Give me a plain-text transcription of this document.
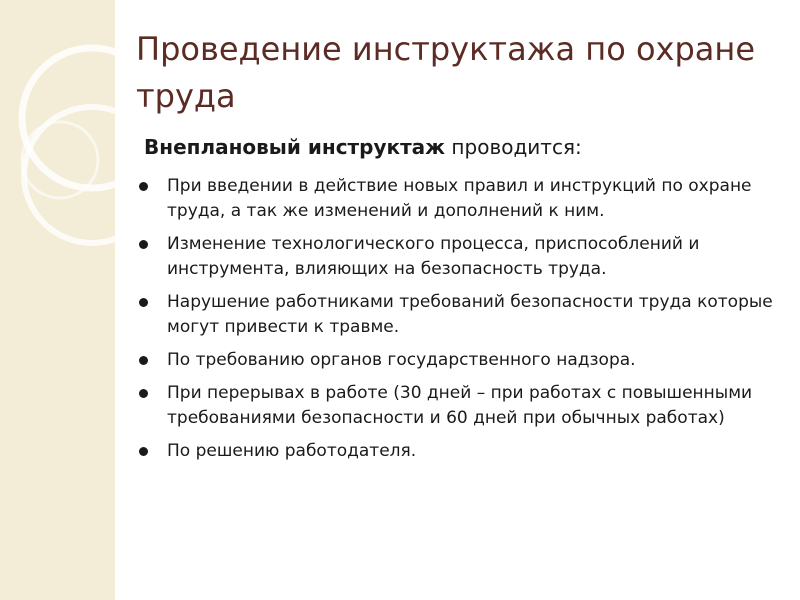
Проведение инструктажа по охране труда

Внеплановый инструктаж проводится:

При введении в действие новых правил и инструкций по охране труда, а так же изменений и дополнений к ним.
Изменение технологического процесса, приспособлений и инструмента, влияющих на безопасность труда.
Нарушение работниками требований безопасности труда которые могут привести к травме.
По требованию органов государственного надзора.
При перерывах в работе (30 дней – при работах с повышенными требованиями безопасности и 60 дней при обычных работах)
По решению работодателя.
